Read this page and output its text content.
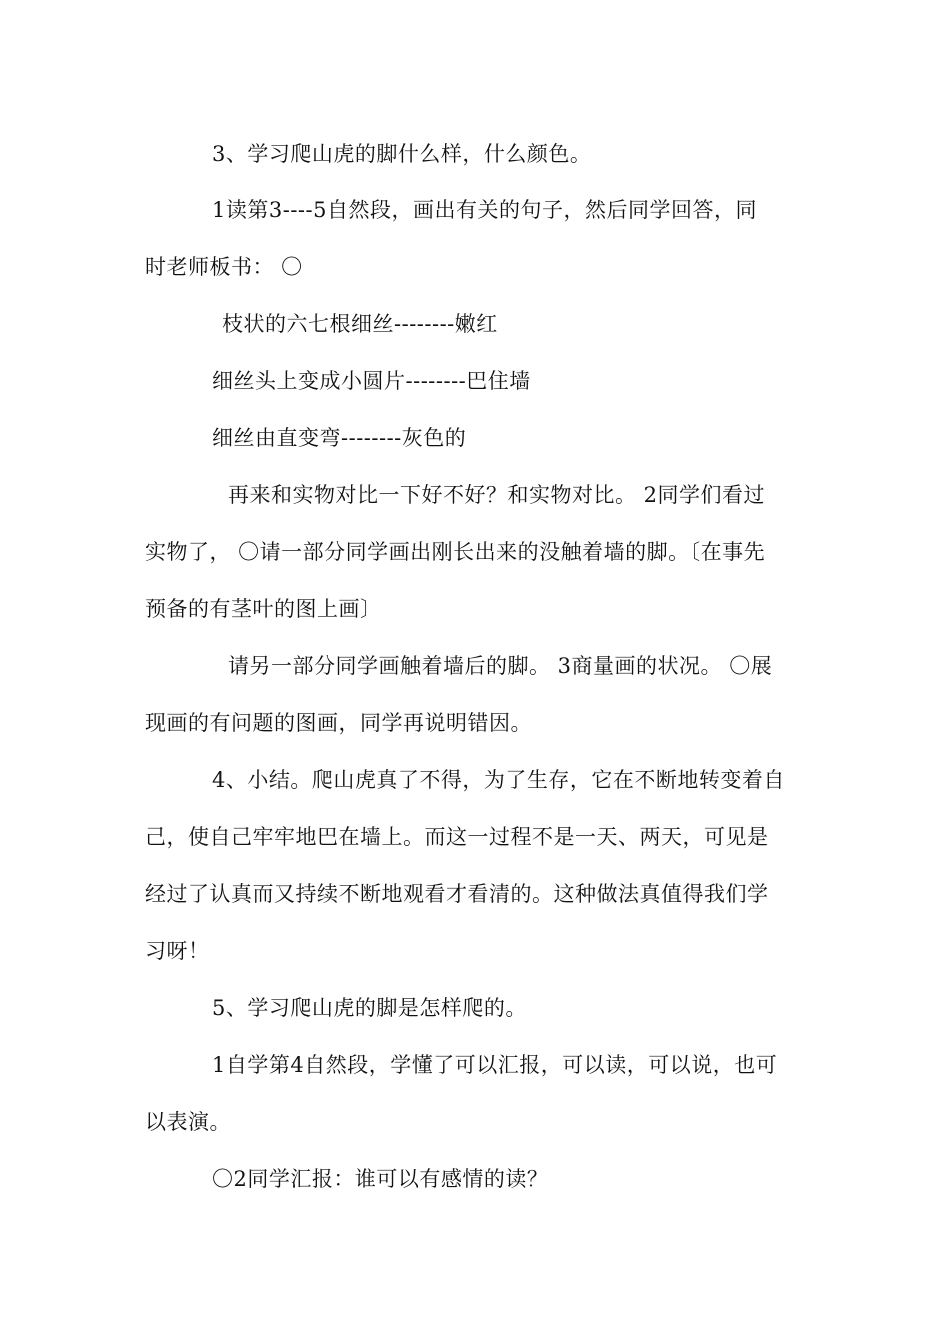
3、学习爬山虎的脚什么样，什么颜色。
1读第3----5自然段，画出有关的句子，然后同学回答，同
时老师板书： 〇
枝状的六七根细丝--------嫩红
细丝头上变成小圆片--------巴住墙
细丝由直变弯--------灰色的
再来和实物对比一下好不好？和实物对比。 2同学们看过
实物了， 〇请一部分同学画出刚长出来的没触着墙的脚。〔在事先
预备的有茎叶的图上画〕
请另一部分同学画触着墙后的脚。 3商量画的状况。 〇展
现画的有问题的图画，同学再说明错因。
4、小结。爬山虎真了不得，为了生存，它在不断地转变着自
己，使自己牢牢地巴在墙上。而这一过程不是一天、两天，可见是
经过了认真而又持续不断地观看才看清的。这种做法真值得我们学
习呀！
5、学习爬山虎的脚是怎样爬的。
1自学第4自然段，学懂了可以汇报，可以读，可以说，也可
以表演。
〇2同学汇报：谁可以有感情的读？
